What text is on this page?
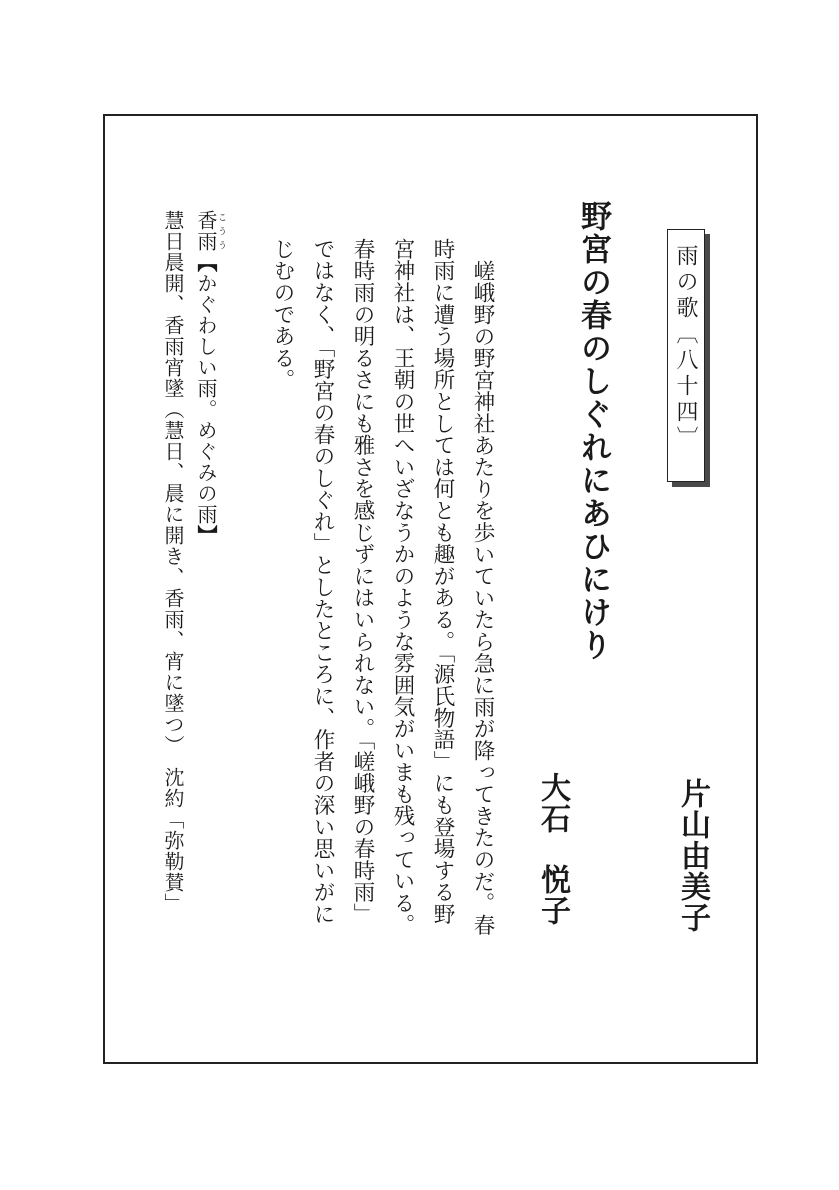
雨の歌〔八十四〕
片山由美子
野宮の春のしぐれにあひにけり
大石悦子
嵯峨野の野宮神社あたりを歩いていたら急に雨が降ってきたのだ。春時雨に遭う場所としては何とも趣がある。「源氏物語」にも登場する野宮神社は、王朝の世へいざなうかのような雰囲気がいまも残っている。春時雨の明るさにも雅さを感じずにはいられない。「嵯峨野の春時雨」ではなく、「野宮の春のしぐれ」としたところに、作者の深い思いがにじむのである。
香雨こうう【かぐわしい雨。めぐみの雨】
慧日晨開、香雨宵墜（慧日、晨に開き、香雨、宵に墜つ）　沈約「弥勒賛」
